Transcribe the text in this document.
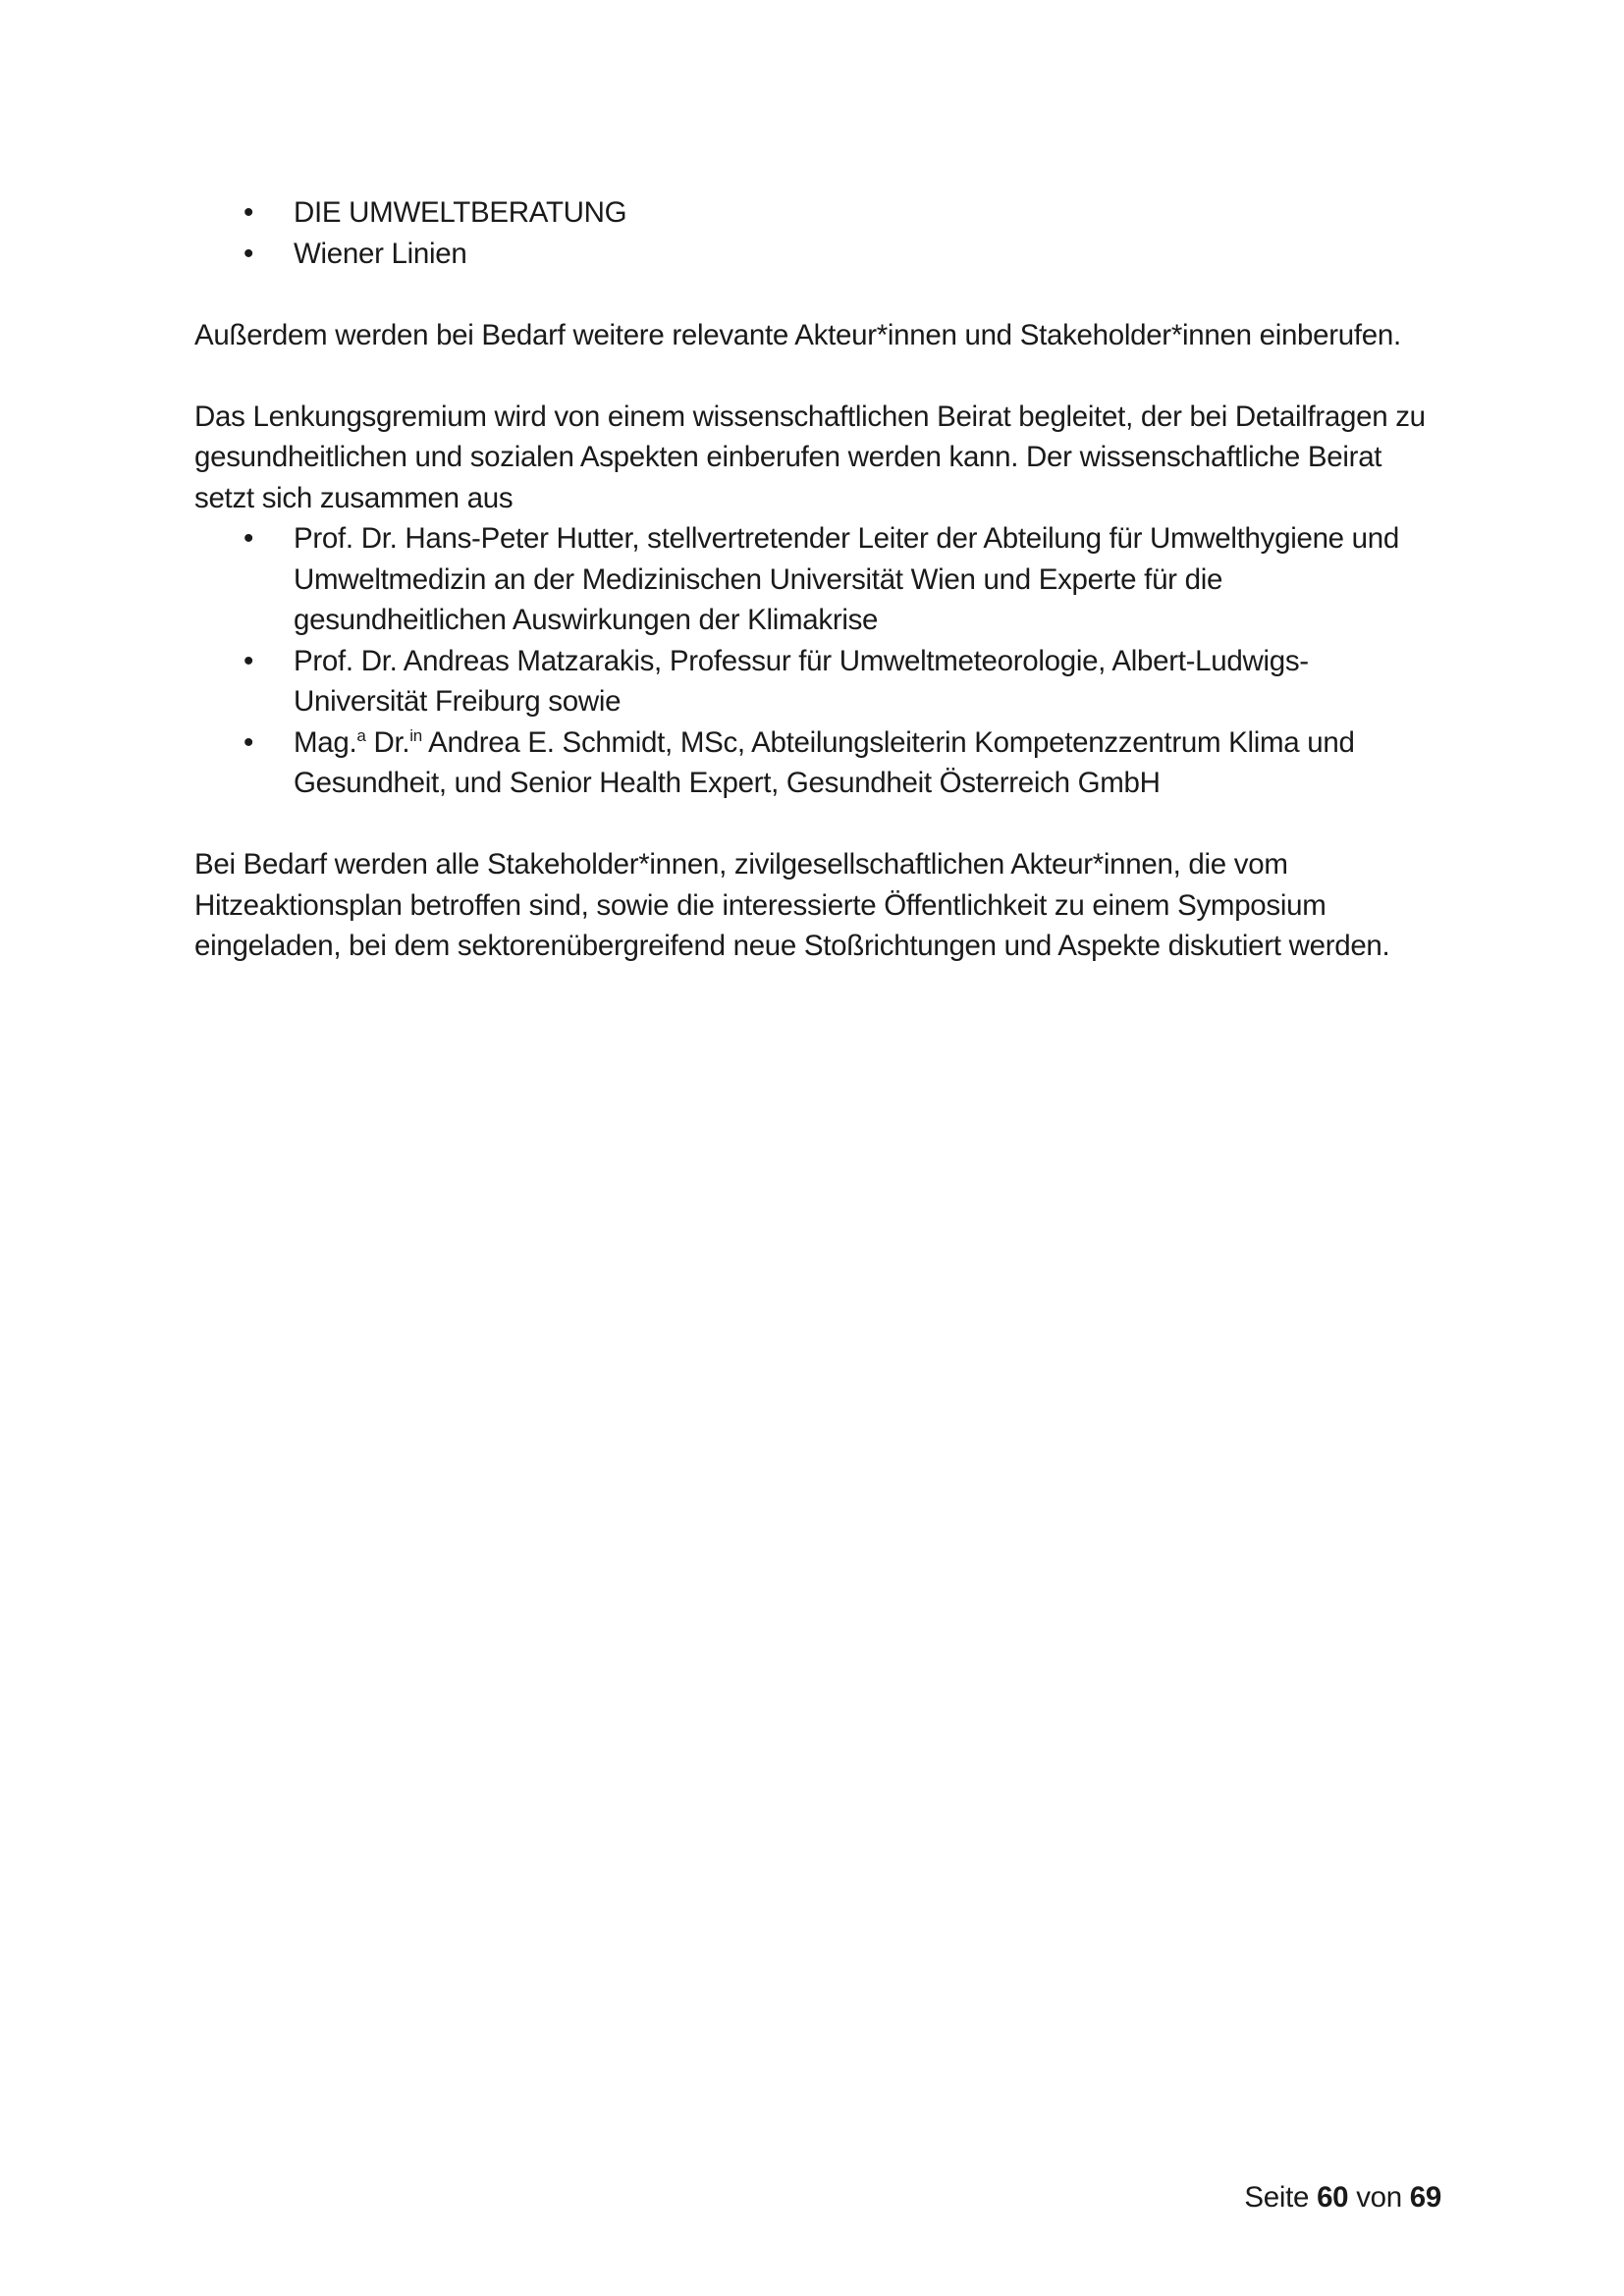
• DIE UMWELTBERATUNG
• Wiener Linien

Außerdem werden bei Bedarf weitere relevante Akteur*innen und Stakeholder*innen einberufen.

Das Lenkungsgremium wird von einem wissenschaftlichen Beirat begleitet, der bei Detailfragen zu gesundheitlichen und sozialen Aspekten einberufen werden kann. Der wissenschaftliche Beirat setzt sich zusammen aus

• Prof. Dr. Hans-Peter Hutter, stellvertretender Leiter der Abteilung für Umwelthygiene und Umweltmedizin an der Medizinischen Universität Wien und Experte für die gesundheitlichen Auswirkungen der Klimakrise
• Prof. Dr. Andreas Matzarakis, Professur für Umweltmeteorologie, Albert-Ludwigs-Universität Freiburg sowie
• Mag.$^a$ Dr.$^{in}$ Andrea E. Schmidt, MSc, Abteilungsleiterin Kompetenzzentrum Klima und Gesundheit, und Senior Health Expert, Gesundheit Österreich GmbH

Bei Bedarf werden alle Stakeholder*innen, zivilgesellschaftlichen Akteur*innen, die vom Hitzeaktionsplan betroffen sind, sowie die interessierte Öffentlichkeit zu einem Symposium eingeladen, bei dem sektorenübergreifend neue Stoßrichtungen und Aspekte diskutiert werden.

Seite 60 von 69
